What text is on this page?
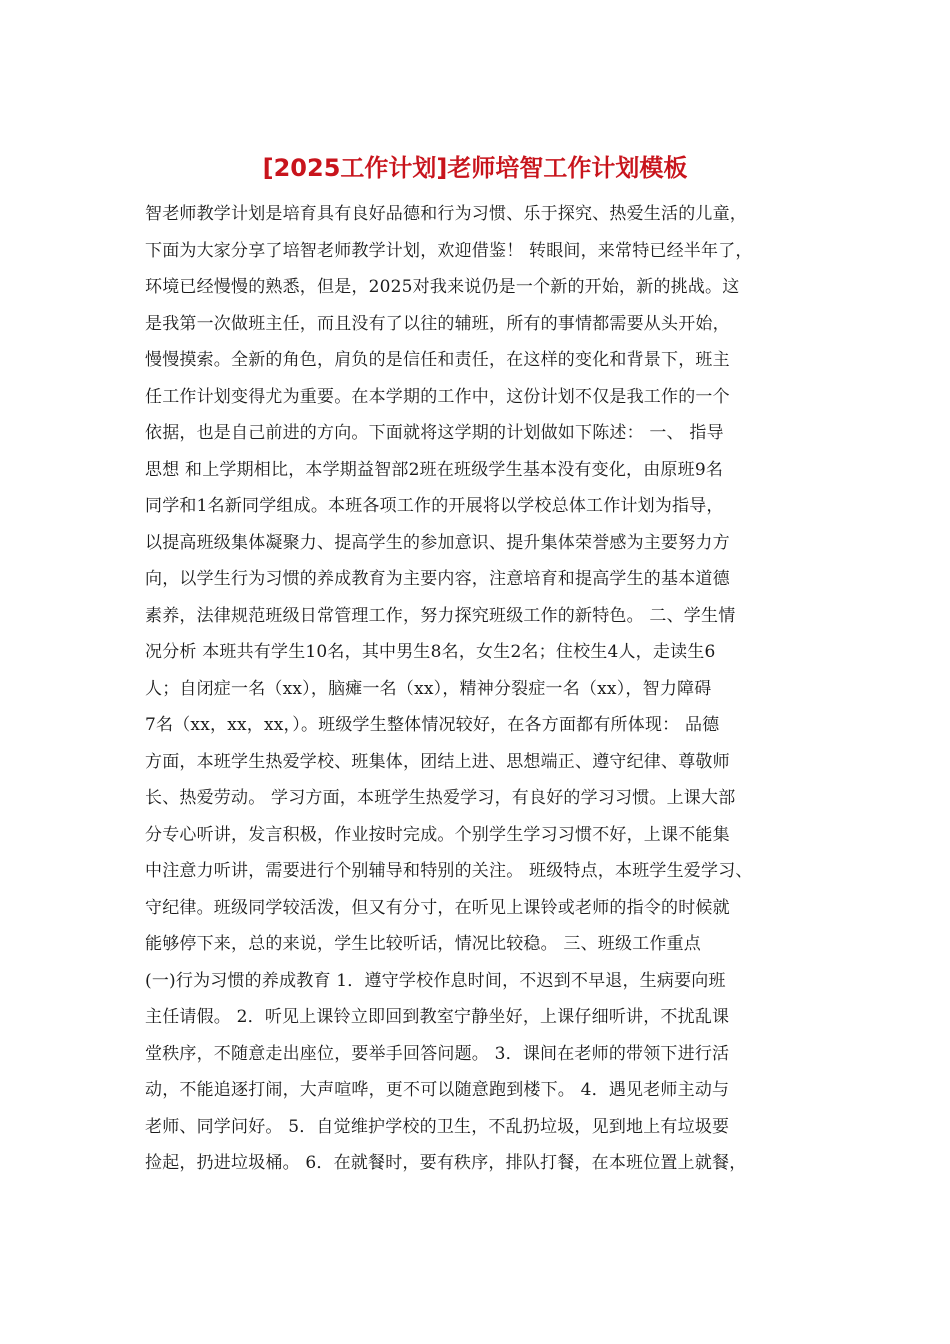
[2025工作计划]老师培智工作计划模板
智老师教学计划是培育具有良好品德和行为习惯、乐于探究、热爱生活的儿童，
下面为大家分享了培智老师教学计划，欢迎借鉴！ 转眼间，来常特已经半年了，
环境已经慢慢的熟悉，但是，2025对我来说仍是一个新的开始，新的挑战。这
是我第一次做班主任，而且没有了以往的辅班，所有的事情都需要从头开始，
慢慢摸索。全新的角色，肩负的是信任和责任，在这样的变化和背景下，班主
任工作计划变得尤为重要。在本学期的工作中，这份计划不仅是我工作的一个
依据，也是自己前进的方向。下面就将这学期的计划做如下陈述： 一、 指导
思想 和上学期相比，本学期益智部2班在班级学生基本没有变化，由原班9名
同学和1名新同学组成。本班各项工作的开展将以学校总体工作计划为指导，
以提高班级集体凝聚力、提高学生的参加意识、提升集体荣誉感为主要努力方
向，以学生行为习惯的养成教育为主要内容，注意培育和提高学生的基本道德
素养，法律规范班级日常管理工作，努力探究班级工作的新特色。 二、学生情
况分析 本班共有学生10名，其中男生8名，女生2名；住校生4人，走读生6
人；自闭症一名（xx），脑瘫一名（xx），精神分裂症一名（xx），智力障碍
7名（xx，xx，xx，）。班级学生整体情况较好，在各方面都有所体现： 品德
方面，本班学生热爱学校、班集体，团结上进、思想端正、遵守纪律、尊敬师
长、热爱劳动。 学习方面，本班学生热爱学习，有良好的学习习惯。上课大部
分专心听讲，发言积极，作业按时完成。个别学生学习习惯不好，上课不能集
中注意力听讲，需要进行个别辅导和特别的关注。 班级特点，本班学生爱学习、
守纪律。班级同学较活泼，但又有分寸，在听见上课铃或老师的指令的时候就
能够停下来，总的来说，学生比较听话，情况比较稳。 三、班级工作重点
(一)行为习惯的养成教育 1．遵守学校作息时间，不迟到不早退，生病要向班
主任请假。 2．听见上课铃立即回到教室宁静坐好，上课仔细听讲，不扰乱课
堂秩序，不随意走出座位，要举手回答问题。 3．课间在老师的带领下进行活
动，不能追逐打闹，大声喧哗，更不可以随意跑到楼下。 4．遇见老师主动与
老师、同学问好。 5．自觉维护学校的卫生，不乱扔垃圾，见到地上有垃圾要
捡起，扔进垃圾桶。 6．在就餐时，要有秩序，排队打餐，在本班位置上就餐，
